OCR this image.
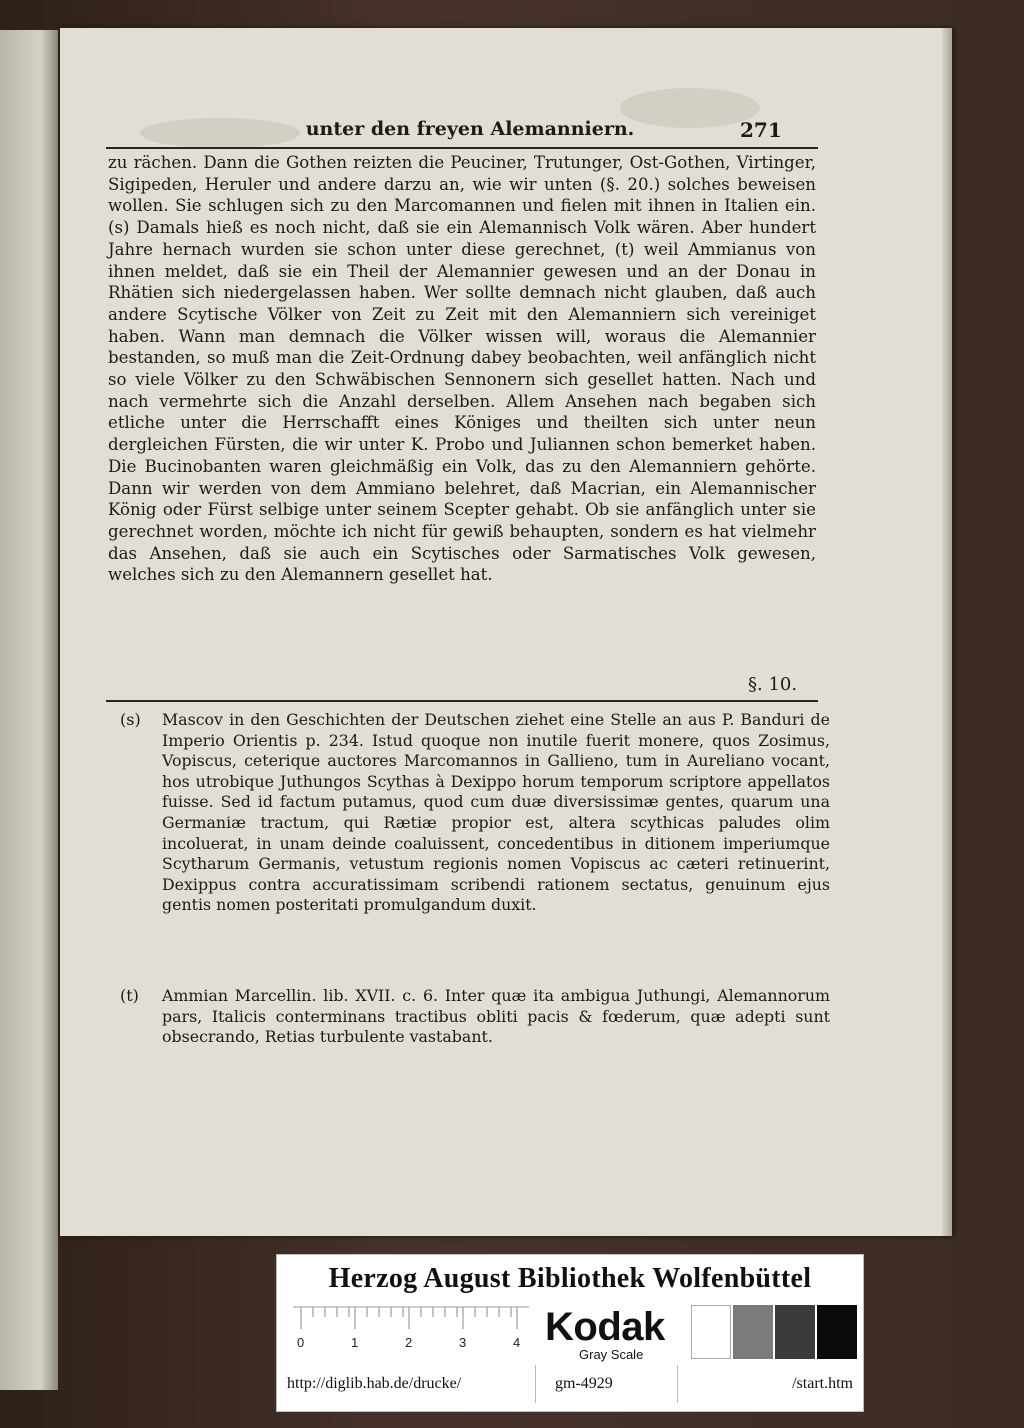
unter den freyen Alemanniern.	271
zu rächen. Dann die Gothen reizten die Peuciner, Trutunger, Ost-Gothen, Virtinger, Sigipeden, Heruler und andere darzu an, wie wir unten (§. 20.) solches beweisen wollen. Sie schlugen sich zu den Marcomannen und fielen mit ihnen in Italien ein. (s) Damals hieß es noch nicht, daß sie ein Alemannisch Volk wären. Aber hundert Jahre hernach wurden sie schon unter diese gerechnet, (t) weil Ammianus von ihnen meldet, daß sie ein Theil der Alemannier gewesen und an der Donau in Rhätien sich niedergelassen haben. Wer sollte demnach nicht glauben, daß auch andere Scytische Völker von Zeit zu Zeit mit den Alemanniern sich vereiniget haben. Wann man demnach die Völker wissen will, woraus die Alemannier bestanden, so muß man die Zeit-Ordnung dabey beobachten, weil anfänglich nicht so viele Völker zu den Schwäbischen Sennonern sich gesellet hatten. Nach und nach vermehrte sich die Anzahl derselben. Allem Ansehen nach begaben sich etliche unter die Herrschafft eines Königes und theilten sich unter neun dergleichen Fürsten, die wir unter K. Probo und Juliannen schon bemerket haben. Die Bucinobanten waren gleichmäßig ein Volk, das zu den Alemanniern gehörte. Dann wir werden von dem Ammiano belehret, daß Macrian, ein Alemannischer König oder Fürst selbige unter seinem Scepter gehabt. Ob sie anfänglich unter sie gerechnet worden, möchte ich nicht für gewiß behaupten, sondern es hat vielmehr das Ansehen, daß sie auch ein Scytisches oder Sarmatisches Volk gewesen, welches sich zu den Alemannern gesellet hat.
§. 10.
(s) Mascov in den Geschichten der Deutschen ziehet eine Stelle an aus P. Banduri de Imperio Orientis p. 234. Istud quoque non inutile fuerit monere, quos Zosimus, Vopiscus, ceterique auctores Marcomannos in Gallieno, tum in Aureliano vocant, hos utrobique Juthungos Scythas à Dexippo horum temporum scriptore appellatos fuisse. Sed id factum putamus, quod cum duæ diversissimæ gentes, quarum una Germaniæ tractum, qui Rætiæ propior est, altera scythicas paludes olim incoluerat, in unam deinde coaluissent, concedentibus in ditionem imperiumque Scytharum Germanis, vetustum regionis nomen Vopiscus ac cæteri retinuerint, Dexippus contra accuratissimam scribendi rationem sectatus, genuinum ejus gentis nomen posteritati promulgandum duxit.
(t) Ammian Marcellin. lib. XVII. c. 6. Inter quæ ita ambigua Juthungi, Alemannorum pars, Italicis conterminans tractibus obliti pacis & fœderum, quæ adepti sunt obsecrando, Retias turbulente vastabant.
Herzog August Bibliothek Wolfenbüttel
0	1	2	3	4 Kodak
Gray Scale
http://diglib.hab.de/drucke/	gm-4929	/start.htm
